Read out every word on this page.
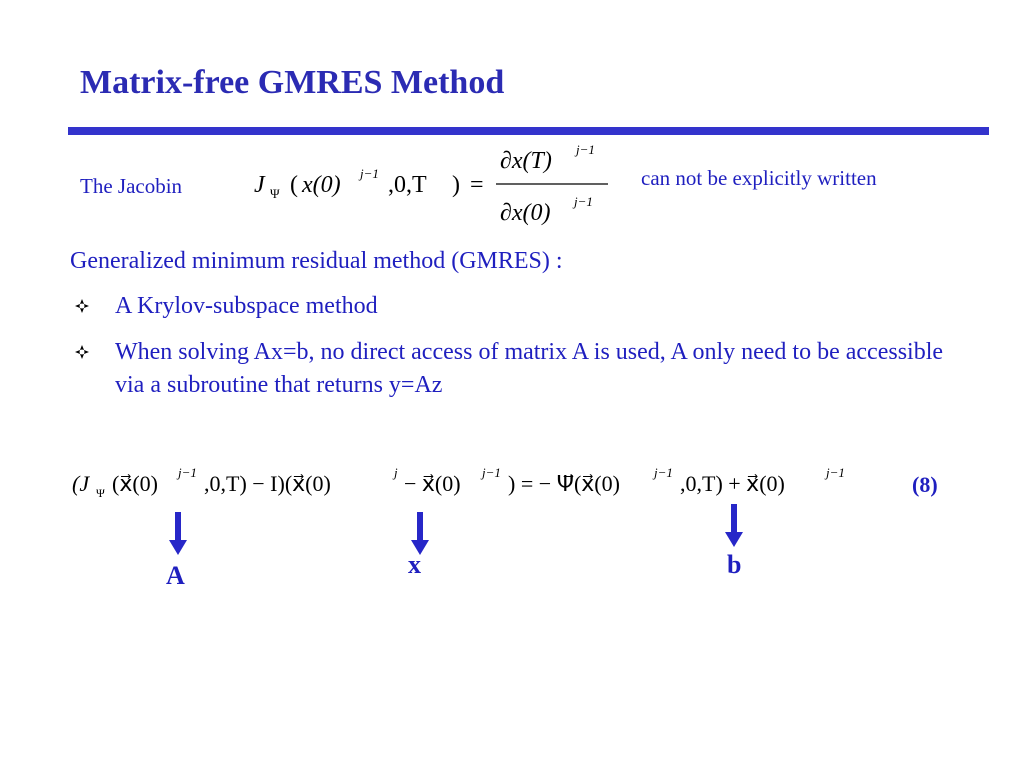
Matrix-free GMRES Method
The Jacobin	J Ψ ( x(0) j−1 ,0,T ) =
∂x(T) j−1
∂x(0) j−1
can not be explicitly written
Generalized minimum residual method (GMRES) :
A Krylov-subspace method
When solving Ax=b, no direct access of matrix A is used, A only need to be accessible via a subroutine that returns y=Az
(J Ψ (x⃗(0) j−1 ,0,T) − I)(x⃗(0)	j − x⃗(0) j−1 ) = − Ψ⃗(x⃗(0)	j−1 ,0,T) + x⃗(0)	j−1	(8)
A	x	b
